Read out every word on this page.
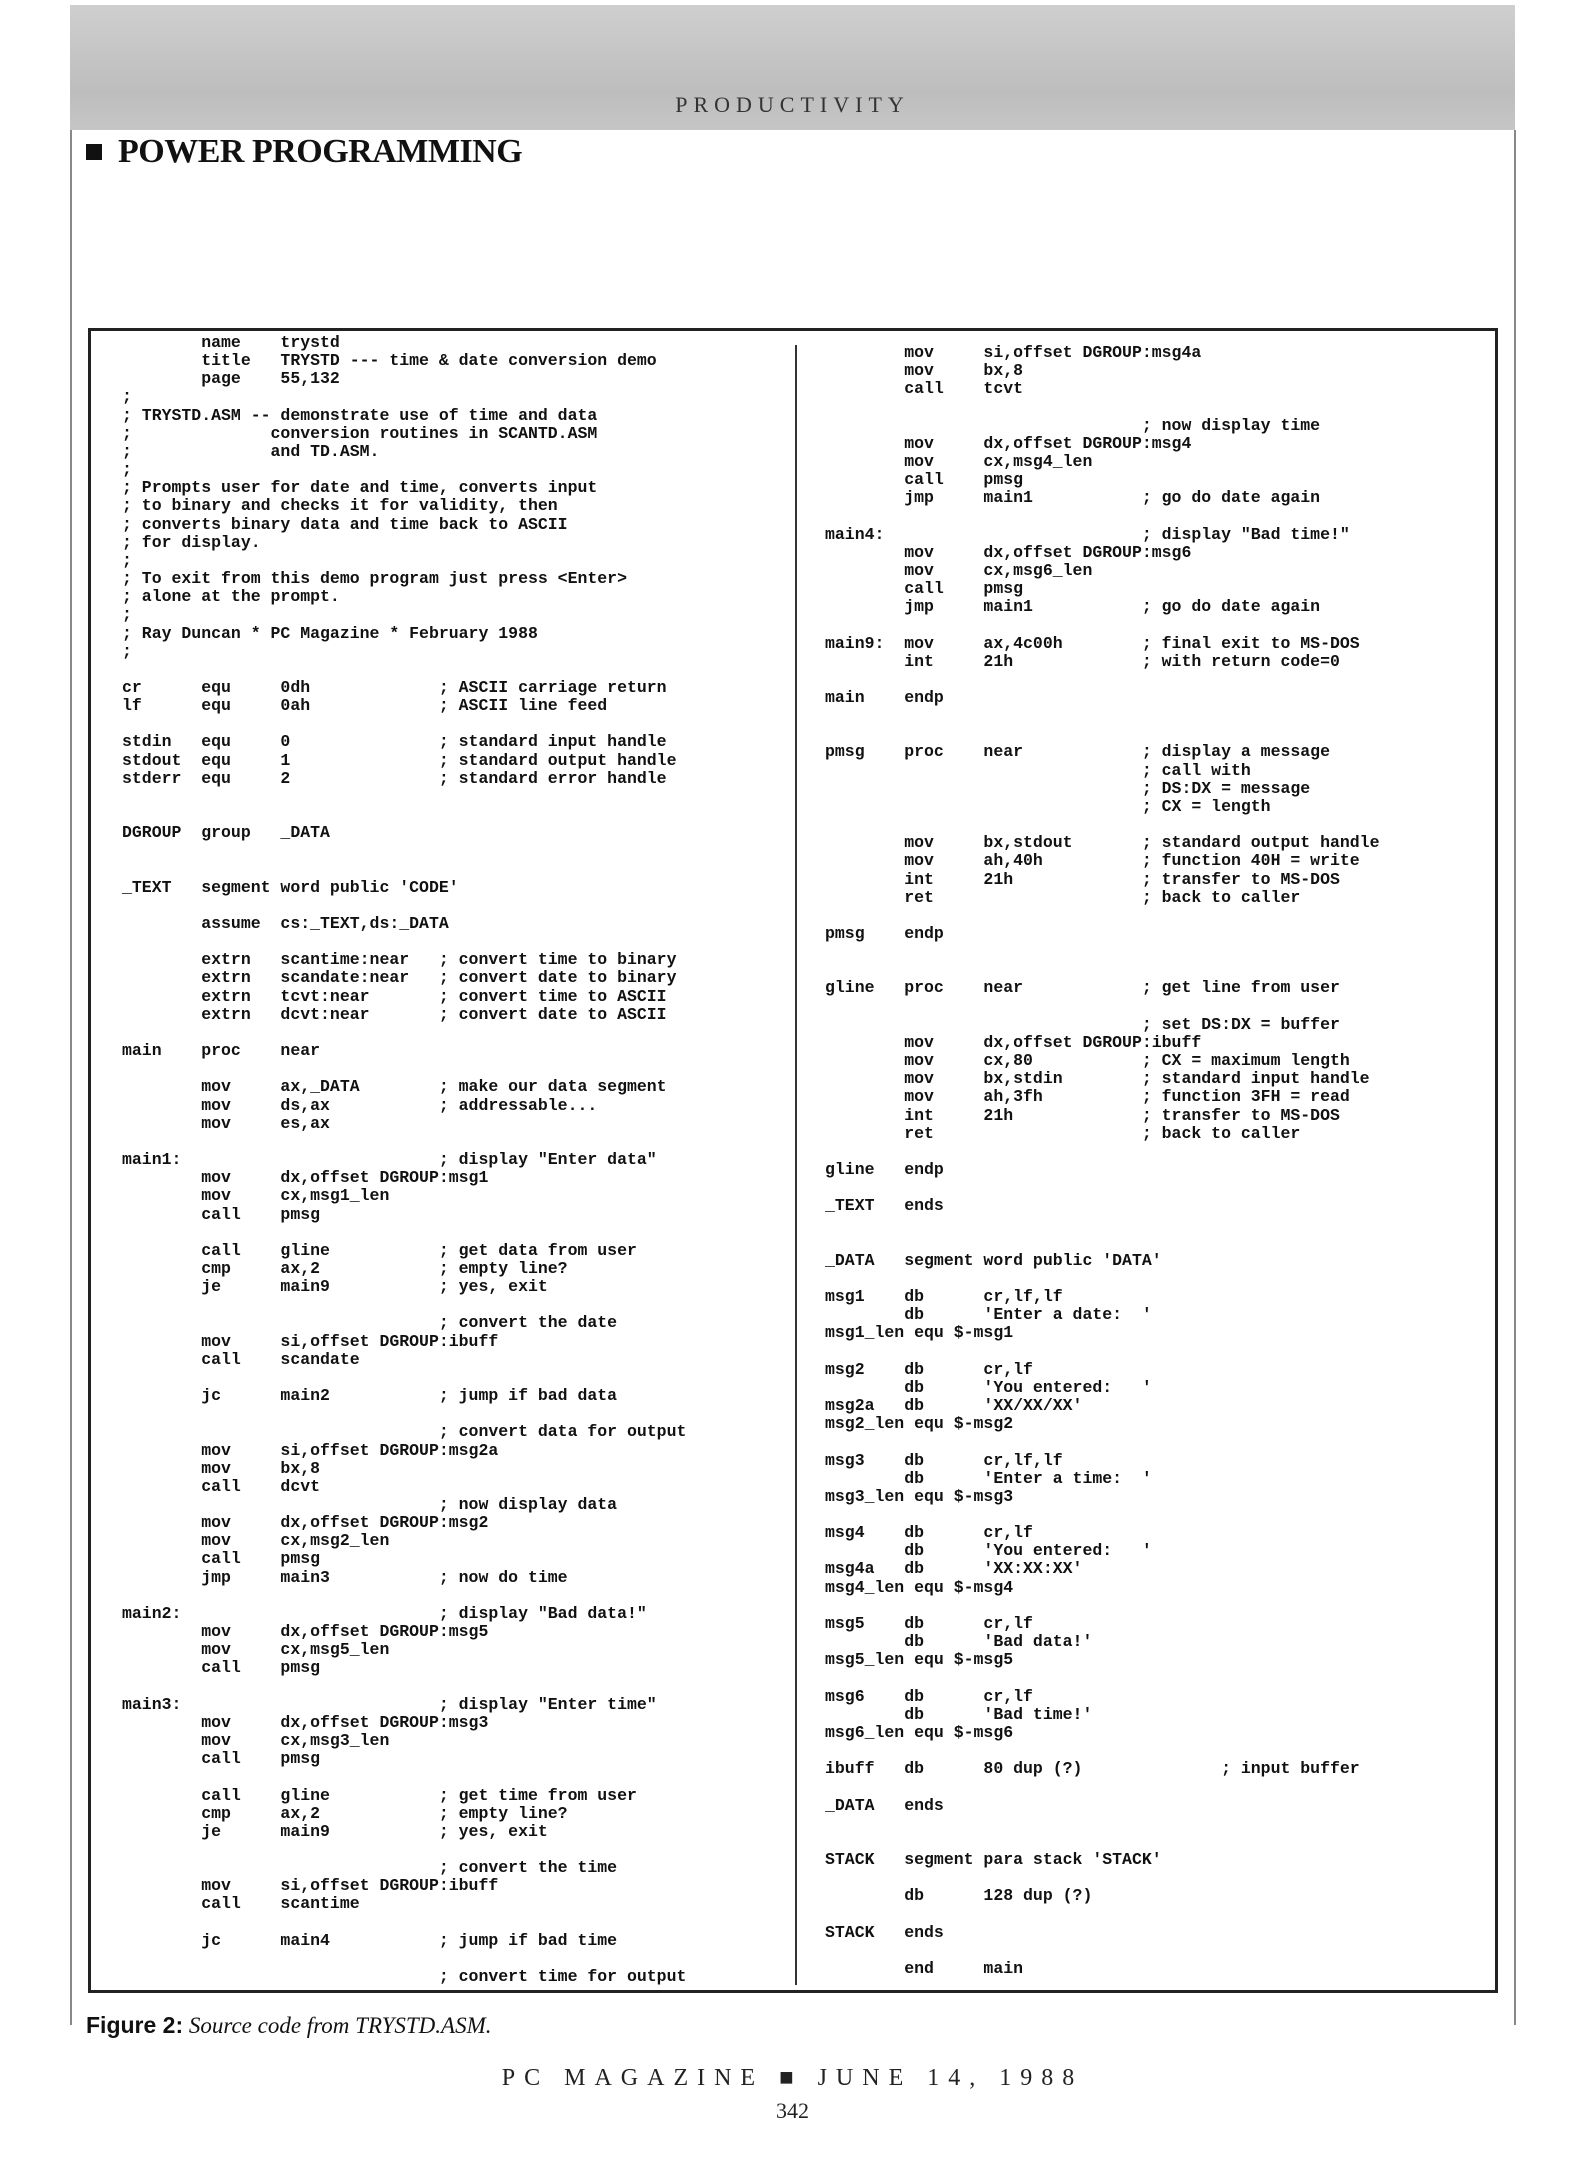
PRODUCTIVITY
POWER PROGRAMMING
name    trystd
title   TRYSTD --- time & date conversion demo
page    55,132
;
; TRYSTD.ASM -- demonstrate use of time and data
;              conversion routines in SCANTD.ASM
;              and TD.ASM.
;
; Prompts user for date and time, converts input
; to binary and checks it for validity, then
; converts binary data and time back to ASCII
; for display.
;
; To exit from this demo program just press <Enter>
; alone at the prompt.
;
; Ray Duncan * PC Magazine * February 1988
;

cr      equ     0dh             ; ASCII carriage return
lf      equ     0ah             ; ASCII line feed

stdin   equ     0               ; standard input handle
stdout  equ     1               ; standard output handle
stderr  equ     2               ; standard error handle

DGROUP  group   _DATA

_TEXT   segment word public 'CODE'

assume  cs:_TEXT,ds:_DATA

extrn   scantime:near   ; convert time to binary
extrn   scandate:near   ; convert date to binary
extrn   tcvt:near       ; convert time to ASCII
extrn   dcvt:near       ; convert date to ASCII

main    proc    near

mov     ax,_DATA        ; make our data segment
mov     ds,ax           ; addressable...
mov     es,ax

main1:                          ; display "Enter data"
mov     dx,offset DGROUP:msg1
mov     cx,msg1_len
call    pmsg

call    gline           ; get data from user
cmp     ax,2            ; empty line?
je      main9           ; yes, exit

; convert the date
mov     si,offset DGROUP:ibuff
call    scandate

jc      main2           ; jump if bad data

; convert data for output
mov     si,offset DGROUP:msg2a
mov     bx,8
call    dcvt
; now display data
mov     dx,offset DGROUP:msg2
mov     cx,msg2_len
call    pmsg
jmp     main3           ; now do time

main2:                          ; display "Bad data!"
mov     dx,offset DGROUP:msg5
mov     cx,msg5_len
call    pmsg

main3:                          ; display "Enter time"
mov     dx,offset DGROUP:msg3
mov     cx,msg3_len
call    pmsg

call    gline           ; get time from user
cmp     ax,2            ; empty line?
je      main9           ; yes, exit

; convert the time
mov     si,offset DGROUP:ibuff
call    scantime

jc      main4           ; jump if bad time

; convert time for output
mov     si,offset DGROUP:msg4a
mov     bx,8
call    tcvt

; now display time
mov     dx,offset DGROUP:msg4
mov     cx,msg4_len
call    pmsg
jmp     main1           ; go do date again

main4:                          ; display "Bad time!"
mov     dx,offset DGROUP:msg6
mov     cx,msg6_len
call    pmsg
jmp     main1           ; go do date again

main9:  mov     ax,4c00h        ; final exit to MS-DOS
int     21h             ; with return code=0

main    endp

pmsg    proc    near            ; display a message
; call with
; DS:DX = message
; CX = length

mov     bx,stdout       ; standard output handle
mov     ah,40h          ; function 40H = write
int     21h             ; transfer to MS-DOS
ret                     ; back to caller

pmsg    endp

gline   proc    near            ; get line from user

; set DS:DX = buffer
mov     dx,offset DGROUP:ibuff
mov     cx,80           ; CX = maximum length
mov     bx,stdin        ; standard input handle
mov     ah,3fh          ; function 3FH = read
int     21h             ; transfer to MS-DOS
ret                     ; back to caller

gline   endp

_TEXT   ends

_DATA   segment word public 'DATA'

msg1    db      cr,lf,lf
db      'Enter a date:  '
msg1_len equ $-msg1

msg2    db      cr,lf
db      'You entered:   '
msg2a   db      'XX/XX/XX'
msg2_len equ $-msg2

msg3    db      cr,lf,lf
db      'Enter a time:  '
msg3_len equ $-msg3

msg4    db      cr,lf
db      'You entered:   '
msg4a   db      'XX:XX:XX'
msg4_len equ $-msg4

msg5    db      cr,lf
db      'Bad data!'
msg5_len equ $-msg5

msg6    db      cr,lf
db      'Bad time!'
msg6_len equ $-msg6

ibuff   db      80 dup (?)              ; input buffer

_DATA   ends

STACK   segment para stack 'STACK'

db      128 dup (?)

STACK   ends

end     main
Figure 2: Source code from TRYSTD.ASM.
PC MAGAZINE ■ JUNE 14, 1988
342
